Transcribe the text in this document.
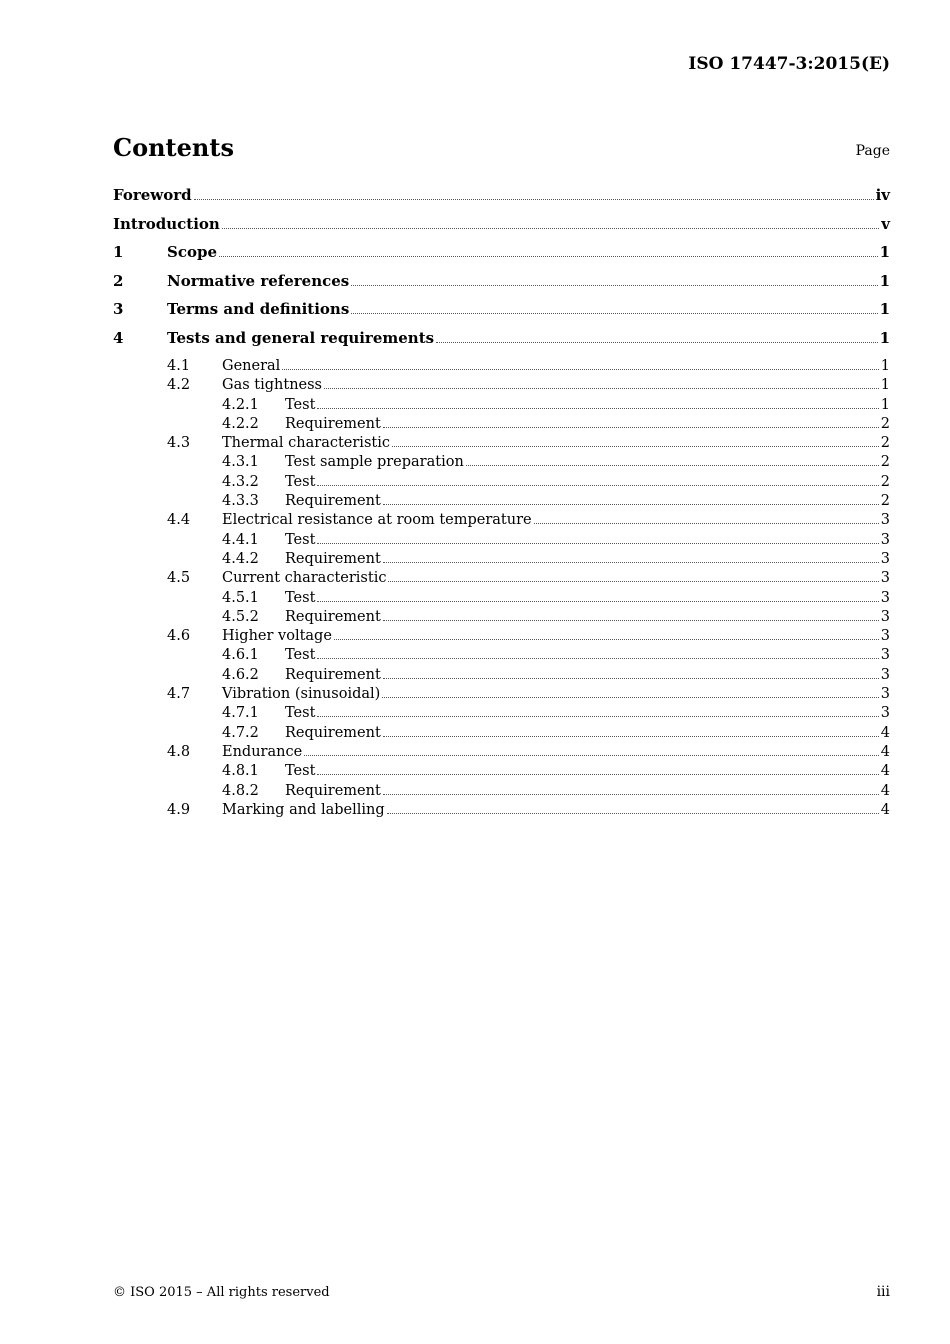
ISO 17447-3:2015(E)
Contents	Page
Foreword	iv
Introduction	v
1	Scope	1
2	Normative references	1
3	Terms and definitions	1
4	Tests and general requirements	1
4.1	General	1
4.2	Gas tightness	1
4.2.1	Test	1
4.2.2	Requirement	2
4.3	Thermal characteristic	2
4.3.1	Test sample preparation	2
4.3.2	Test	2
4.3.3	Requirement	2
4.4	Electrical resistance at room temperature	3
4.4.1	Test	3
4.4.2	Requirement	3
4.5	Current characteristic	3
4.5.1	Test	3
4.5.2	Requirement	3
4.6	Higher voltage	3
4.6.1	Test	3
4.6.2	Requirement	3
4.7	Vibration (sinusoidal)	3
4.7.1	Test	3
4.7.2	Requirement	4
4.8	Endurance	4
4.8.1	Test	4
4.8.2	Requirement	4
4.9	Marking and labelling	4
© ISO 2015 – All rights reserved	iii
